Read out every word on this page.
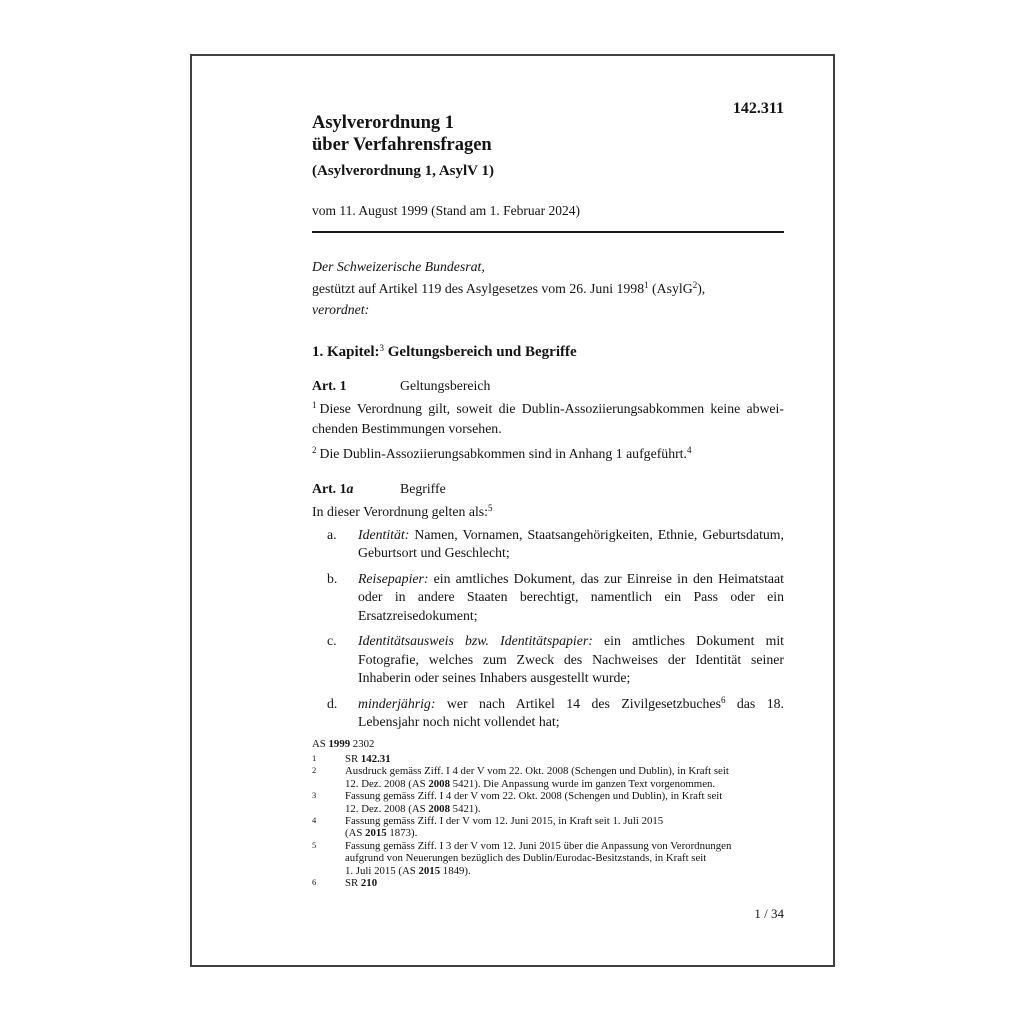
142.311
Asylverordnung 1
über Verfahrensfragen
(Asylverordnung 1, AsylV 1)
vom 11. August 1999 (Stand am 1. Februar 2024)
Der Schweizerische Bundesrat,
gestützt auf Artikel 119 des Asylgesetzes vom 26. Juni 1998$^1$ (AsylG$^2$),
verordnet:
1. Kapitel:$^3$ Geltungsbereich und Begriffe
Art. 1	Geltungsbereich
$^1$ Diese Verordnung gilt, soweit die Dublin-Assoziierungsabkommen keine abweichenden Bestimmungen vorsehen.
$^2$ Die Dublin-Assoziierungsabkommen sind in Anhang 1 aufgeführt.$^4$
Art. 1a	Begriffe
In dieser Verordnung gelten als:$^5$
a. Identität: Namen, Vornamen, Staatsangehörigkeiten, Ethnie, Geburtsdatum, Geburtsort und Geschlecht;
b. Reisepapier: ein amtliches Dokument, das zur Einreise in den Heimatstaat oder in andere Staaten berechtigt, namentlich ein Pass oder ein Ersatzreisedokument;
c. Identitätsausweis bzw. Identitätspapier: ein amtliches Dokument mit Fotografie, welches zum Zweck des Nachweises der Identität seiner Inhaberin oder seines Inhabers ausgestellt wurde;
d. minderjährig: wer nach Artikel 14 des Zivilgesetzbuches$^6$ das 18. Lebensjahr noch nicht vollendet hat;
AS 1999 2302
1	SR 142.31
2	Ausdruck gemäss Ziff. I 4 der V vom 22. Okt. 2008 (Schengen und Dublin), in Kraft seit
12. Dez. 2008 (AS 2008 5421). Die Anpassung wurde im ganzen Text vorgenommen.
3	Fassung gemäss Ziff. I 4 der V vom 22. Okt. 2008 (Schengen und Dublin), in Kraft seit
12. Dez. 2008 (AS 2008 5421).
4	Fassung gemäss Ziff. I der V vom 12. Juni 2015, in Kraft seit 1. Juli 2015
(AS 2015 1873).
5	Fassung gemäss Ziff. I 3 der V vom 12. Juni 2015 über die Anpassung von Verordnungen
aufgrund von Neuerungen bezüglich des Dublin/Eurodac-Besitzstands, in Kraft seit
1. Juli 2015 (AS 2015 1849).
6	SR 210
1 / 34
